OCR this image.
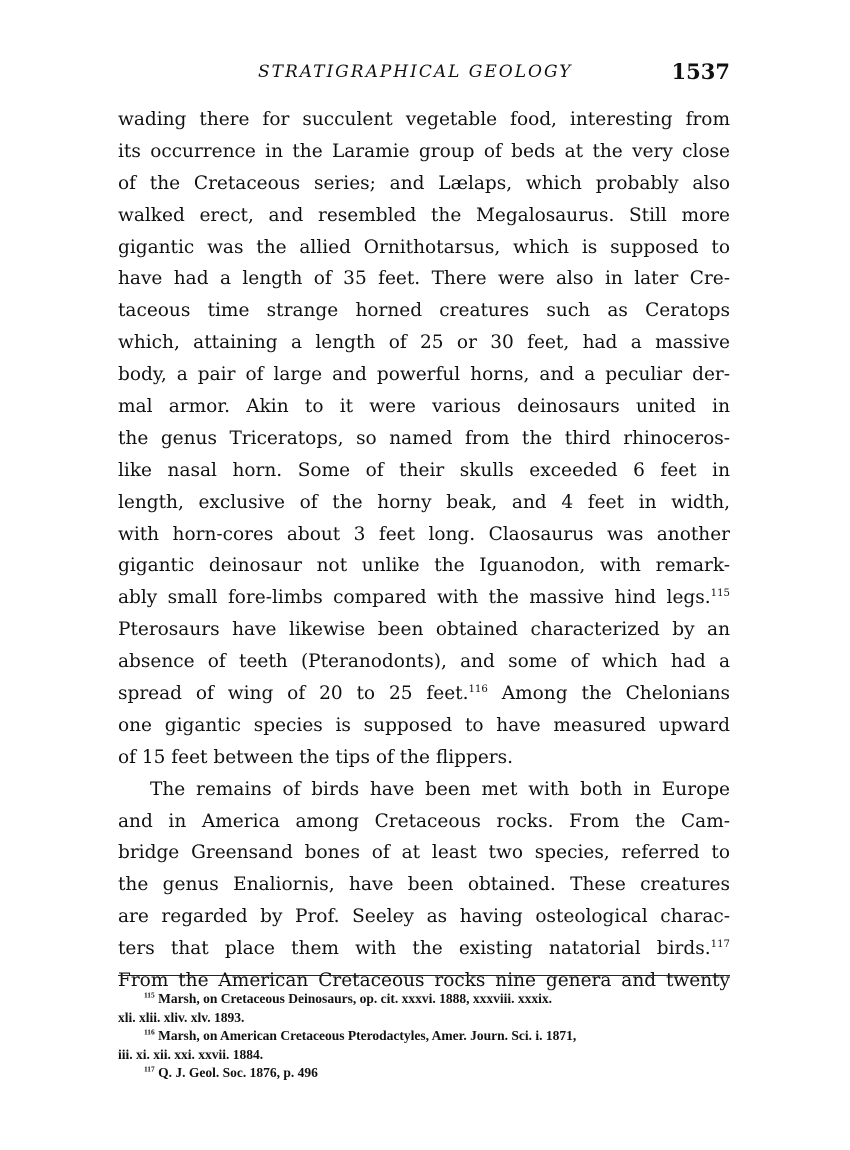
STRATIGRAPHICAL GEOLOGY	1537
wading there for succulent vegetable food, interesting from
its occurrence in the Laramie group of beds at the very close
of the Cretaceous series; and Lælaps, which probably also
walked erect, and resembled the Megalosaurus. Still more
gigantic was the allied Ornithotarsus, which is supposed to
have had a length of 35 feet. There were also in later Cre-
taceous time strange horned creatures such as Ceratops
which, attaining a length of 25 or 30 feet, had a massive
body, a pair of large and powerful horns, and a peculiar der-
mal armor. Akin to it were various deinosaurs united in
the genus Triceratops, so named from the third rhinoceros-
like nasal horn. Some of their skulls exceeded 6 feet in
length, exclusive of the horny beak, and 4 feet in width,
with horn-cores about 3 feet long. Claosaurus was another
gigantic deinosaur not unlike the Iguanodon, with remark-
ably small fore-limbs compared with the massive hind legs.$^{115}$
Pterosaurs have likewise been obtained characterized by an
absence of teeth (Pteranodonts), and some of which had a
spread of wing of 20 to 25 feet.$^{116}$ Among the Chelonians
one gigantic species is supposed to have measured upward
of 15 feet between the tips of the flippers.
The remains of birds have been met with both in Europe
and in America among Cretaceous rocks. From the Cam-
bridge Greensand bones of at least two species, referred to
the genus Enaliornis, have been obtained. These creatures
are regarded by Prof. Seeley as having osteological charac-
ters that place them with the existing natatorial birds.$^{117}$
From the American Cretaceous rocks nine genera and twenty
$^{115}$ Marsh, on Cretaceous Deinosaurs, op. cit. xxxvi. 1888, xxxviii. xxxix.
xli. xlii. xliv. xlv. 1893.
$^{116}$ Marsh, on American Cretaceous Pterodactyles, Amer. Journ. Sci. i. 1871,
iii. xi. xii. xxi. xxvii. 1884.
$^{117}$ Q. J. Geol. Soc. 1876, p. 496
